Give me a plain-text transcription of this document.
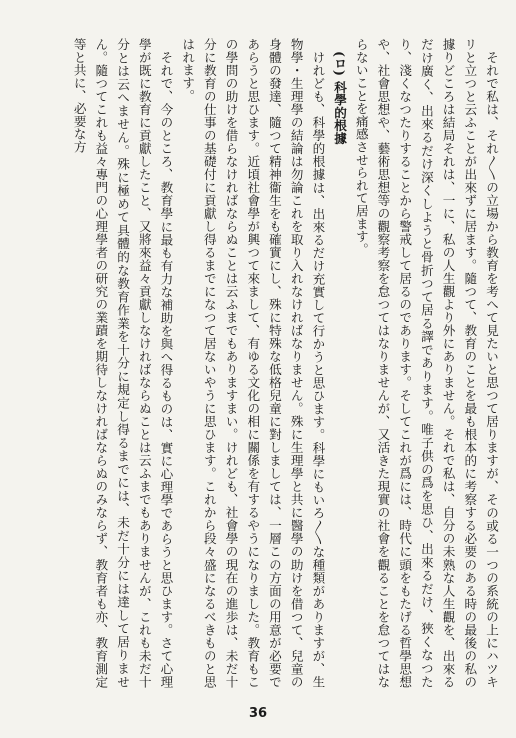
それで私は、それ〳〵の立場から教育を考へて見たいと思つて居りますが、その或る一つの系統の上にハツキリと立つと云ふことが出來ずに居ます。隨つて、教育のことを最も根本的に考察する必要のある時の最後の私の據りどころは結局それは、一に、私の人生觀より外にありません。それで私は、自分の未熟な人生觀を、出來るだけ廣く、出來るだけ深くしようと骨折つて居る譯であります。唯子供の爲を思ひ、出來るだけ、狹くなつたり、淺くなつたりすることから警戒して居るのであります。そしてこれが爲には、時代に頭をもたげる哲學思想や、社會思想や、藝術思想等の觀察考察を怠つてはなりませんが、又活きた現實の社會を觀ることを怠つてはならないことを痛感させられて居ます。

(ロ) 科學的根據

けれども、科學的根據は、出來るだけ充實して行かうと思ひます。科學にもいろ〳〵な種類がありますが、生物學・生理學の結論は勿論これを取り入れなければなりません。殊に生理學と共に醫學の助けを借つて、兒童の身體の發達、隨つて精神衞生をも確實にし、殊に特殊な低格兒童に對しましては、一層この方面の用意が必要であらうと思ひます。近頃社會學が興つて來まして、有ゆる文化の相に關係を有するやうになりました。教育もこの學問の助けを借らなければならぬことは云ふまでもありますまい。けれども、社會學の現在の進歩は、未だ十分に教育の仕事の基礎付に貢獻し得るまでになつて居ないやうに思ひます。これから段々盛になるべきものと思はれます。

それで、今のところ、教育學に最も有力な補助を與へ得るものは、實に心理學であらうと思ひます。さて心理學が既に教育に貢獻したこと、又將來益々貢獻しなければならぬことは云ふまでもありませんが、これも未だ十分とは云へません。殊に極めて具體的な教育作業を十分に規定し得るまでには、未だ十分には達して居りません。隨つてこれも益々專門の心理學者の研究の業蹟を期待しなければならぬのみならず、教育者も亦、教育測定等と共に、必要な方

36
